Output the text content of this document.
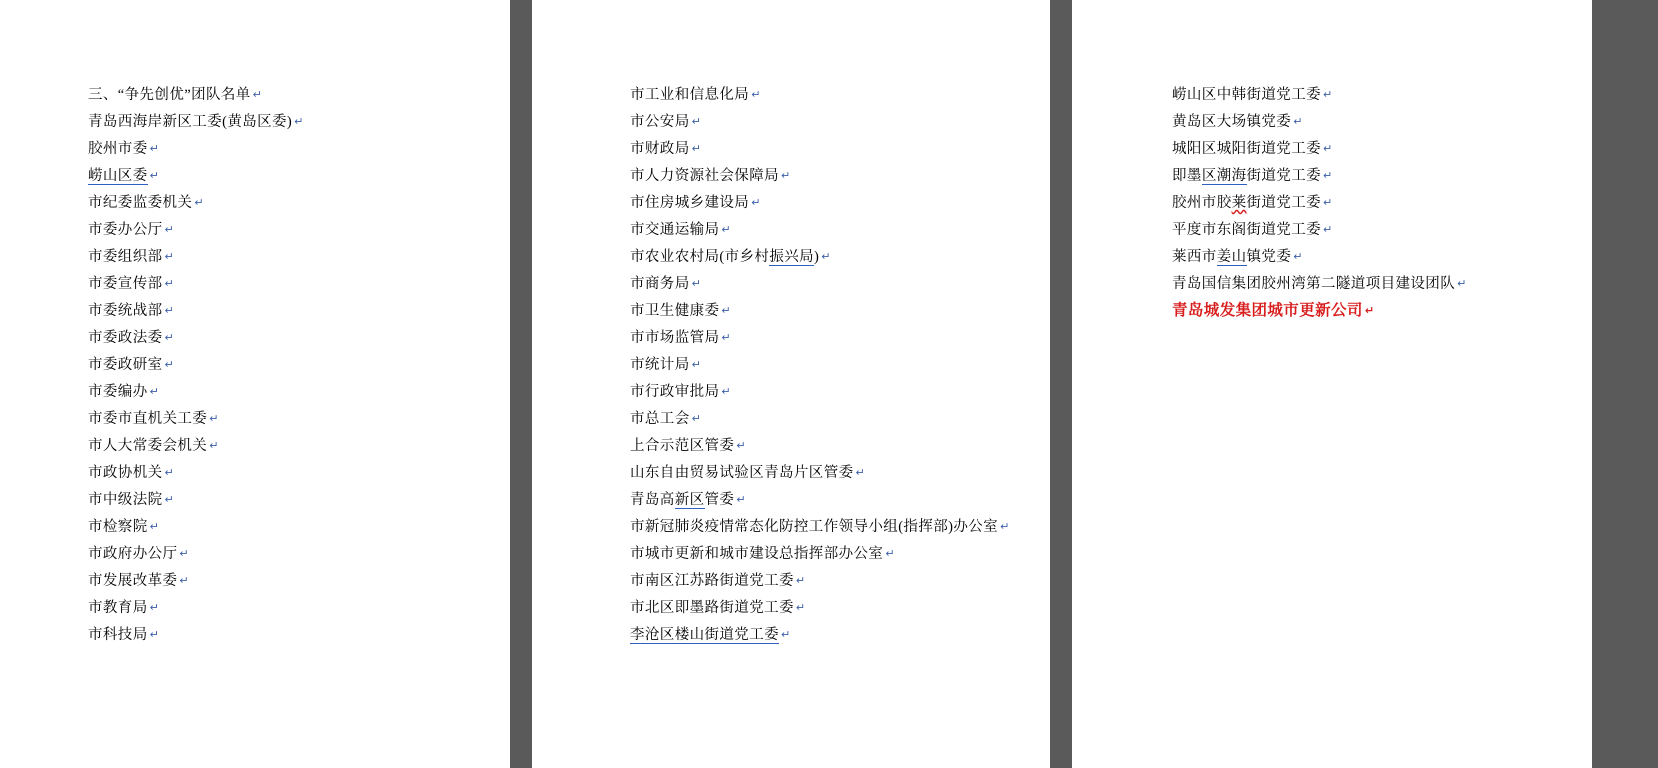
三、“争先创优”团队名单 ↵
青岛西海岸新区工委(黄岛区委) ↵
胶州市委 ↵
崂山区委 ↵
市纪委监委机关 ↵
市委办公厅 ↵
市委组织部 ↵
市委宣传部 ↵
市委统战部 ↵
市委政法委 ↵
市委政研室 ↵
市委编办 ↵
市委市直机关工委 ↵
市人大常委会机关 ↵
市政协机关 ↵
市中级法院 ↵
市检察院 ↵
市政府办公厅 ↵
市发展改革委 ↵
市教育局 ↵
市科技局 ↵
市工业和信息化局 ↵
市公安局 ↵
市财政局 ↵
市人力资源社会保障局 ↵
市住房城乡建设局 ↵
市交通运输局 ↵
市农业农村局(市乡村振兴局) ↵
市商务局 ↵
市卫生健康委 ↵
市市场监管局 ↵
市统计局 ↵
市行政审批局 ↵
市总工会 ↵
上合示范区管委 ↵
山东自由贸易试验区青岛片区管委 ↵
青岛高新区管委 ↵
市新冠肺炎疫情常态化防控工作领导小组(指挥部)办公室 ↵
市城市更新和城市建设总指挥部办公室 ↵
市南区江苏路街道党工委 ↵
市北区即墨路街道党工委 ↵
李沧区楼山街道党工委 ↵
崂山区中韩街道党工委 ↵
黄岛区大场镇党委 ↵
城阳区城阳街道党工委 ↵
即墨区潮海街道党工委 ↵
胶州市胶莱街道党工委 ↵
平度市东阁街道党工委 ↵
莱西市姜山镇党委 ↵
青岛国信集团胶州湾第二隧道项目建设团队 ↵
青岛城发集团城市更新公司 ↵
